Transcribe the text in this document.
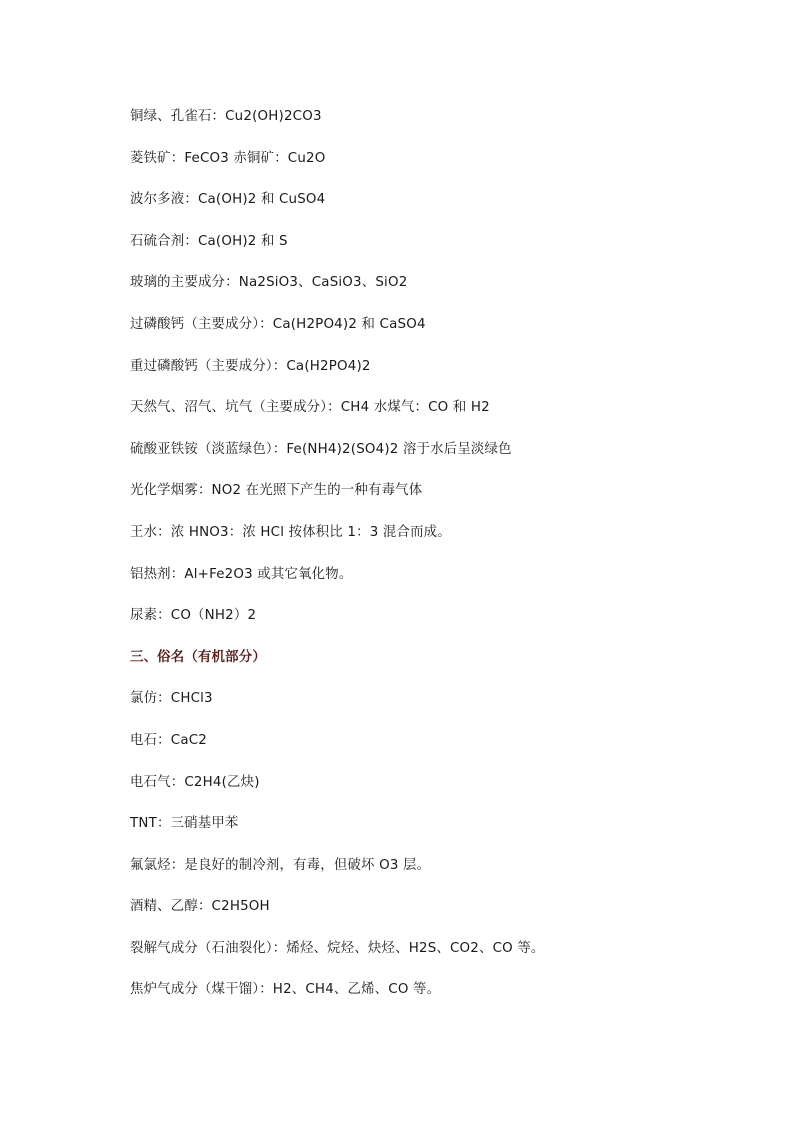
铜绿、孔雀石：Cu2(OH)2CO3
菱铁矿：FeCO3 赤铜矿：Cu2O
波尔多液：Ca(OH)2 和 CuSO4
石硫合剂：Ca(OH)2 和 S
玻璃的主要成分：Na2SiO3、CaSiO3、SiO2
过磷酸钙（主要成分）：Ca(H2PO4)2 和 CaSO4
重过磷酸钙（主要成分）：Ca(H2PO4)2
天然气、沼气、坑气（主要成分）：CH4 水煤气：CO 和 H2
硫酸亚铁铵（淡蓝绿色）：Fe(NH4)2(SO4)2 溶于水后呈淡绿色
光化学烟雾：NO2 在光照下产生的一种有毒气体
王水：浓 HNO3：浓 HCl 按体积比 1：3 混合而成。
铝热剂：Al+Fe2O3 或其它氧化物。
尿素：CO（NH2）2
三、俗名（有机部分）
氯仿：CHCl3
电石：CaC2
电石气：C2H4(乙炔)
TNT：三硝基甲苯
氟氯烃：是良好的制冷剂，有毒，但破坏 O3 层。
酒精、乙醇：C2H5OH
裂解气成分（石油裂化）：烯烃、烷烃、炔烃、H2S、CO2、CO 等。
焦炉气成分（煤干馏）：H2、CH4、乙烯、CO 等。
